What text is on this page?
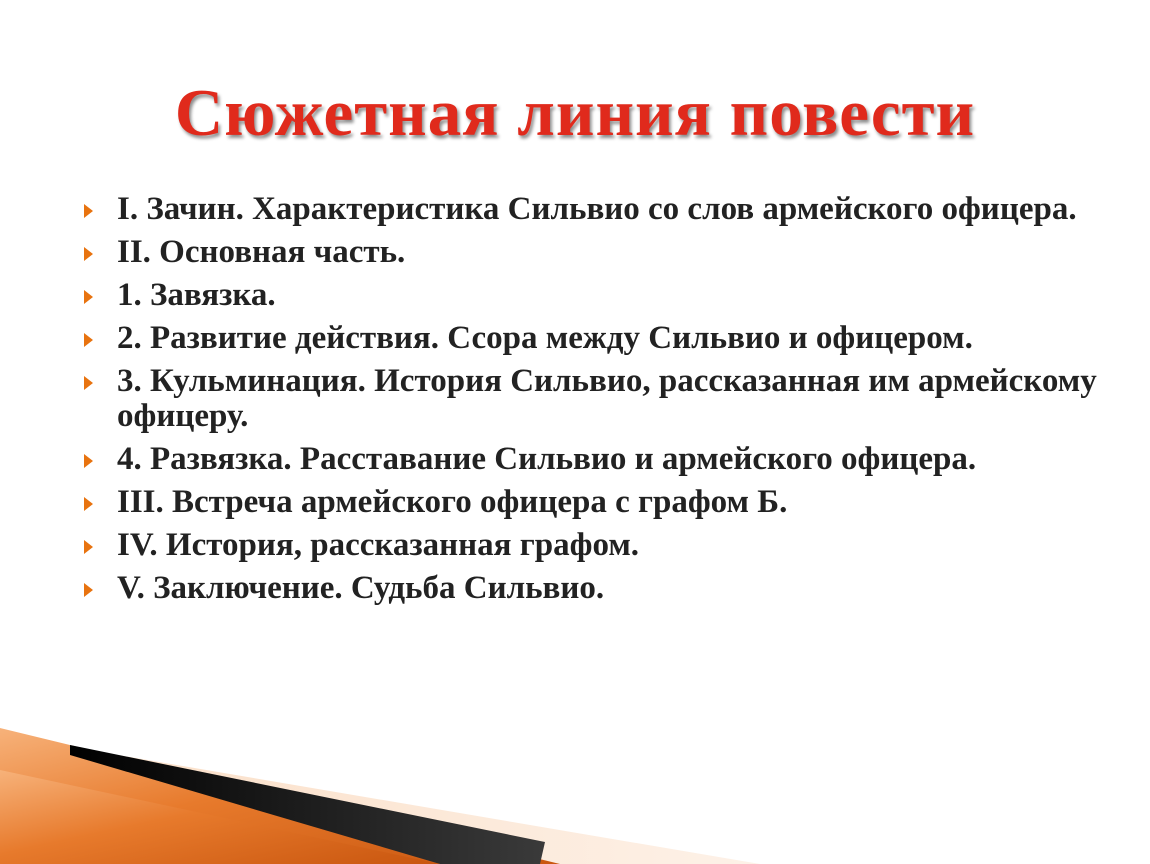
Сюжетная линия повести
I. Зачин. Характеристика Сильвио со слов армейского офицера.
II. Основная часть.
1. Завязка.
2. Развитие действия. Ссора между Сильвио и офицером.
3. Кульминация. История Сильвио, рассказанная им армейскому офицеру.
4. Развязка. Расставание Сильвио и армейского офицера.
III. Встреча армейского офицера с графом Б.
IV. История, рассказанная графом.
V. Заключение. Судьба Сильвио.
